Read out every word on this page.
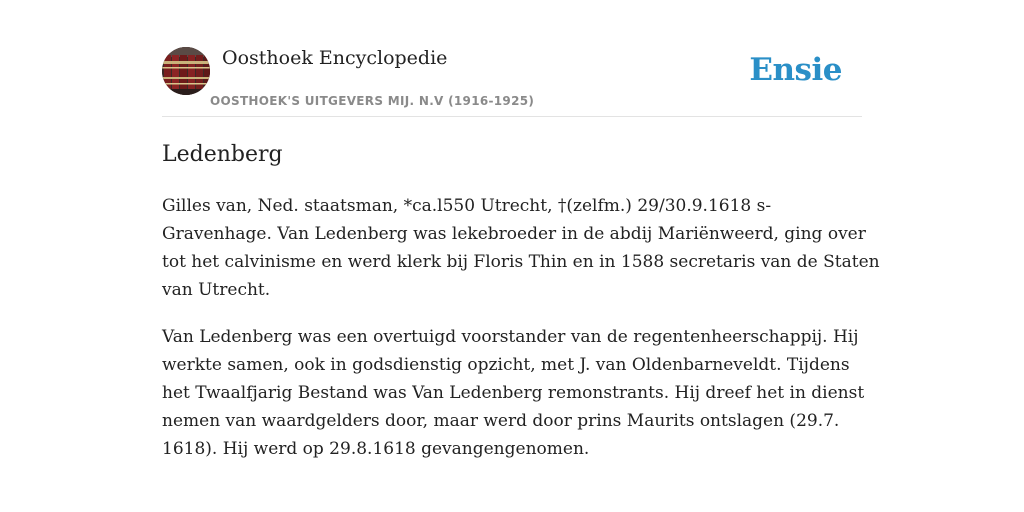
Oosthoek Encyclopedie
OOSTHOEK'S UITGEVERS MIJ. N.V (1916-1925)
Ensie
Ledenberg

Gilles van, Ned. staatsman, *ca.l550 Utrecht, †(zelfm.) 29/30.9.1618 s-
Gravenhage. Van Ledenberg was lekebroeder in de abdij Mariënweerd, ging over
tot het calvinisme en werd klerk bij Floris Thin en in 1588 secretaris van de Staten
van Utrecht.

Van Ledenberg was een overtuigd voorstander van de regentenheerschappij. Hij
werkte samen, ook in godsdienstig opzicht, met J. van Oldenbarneveldt. Tijdens
het Twaalfjarig Bestand was Van Ledenberg remonstrants. Hij dreef het in dienst
nemen van waardgelders door, maar werd door prins Maurits ontslagen (29.7.
1618). Hij werd op 29.8.1618 gevangengenomen.
